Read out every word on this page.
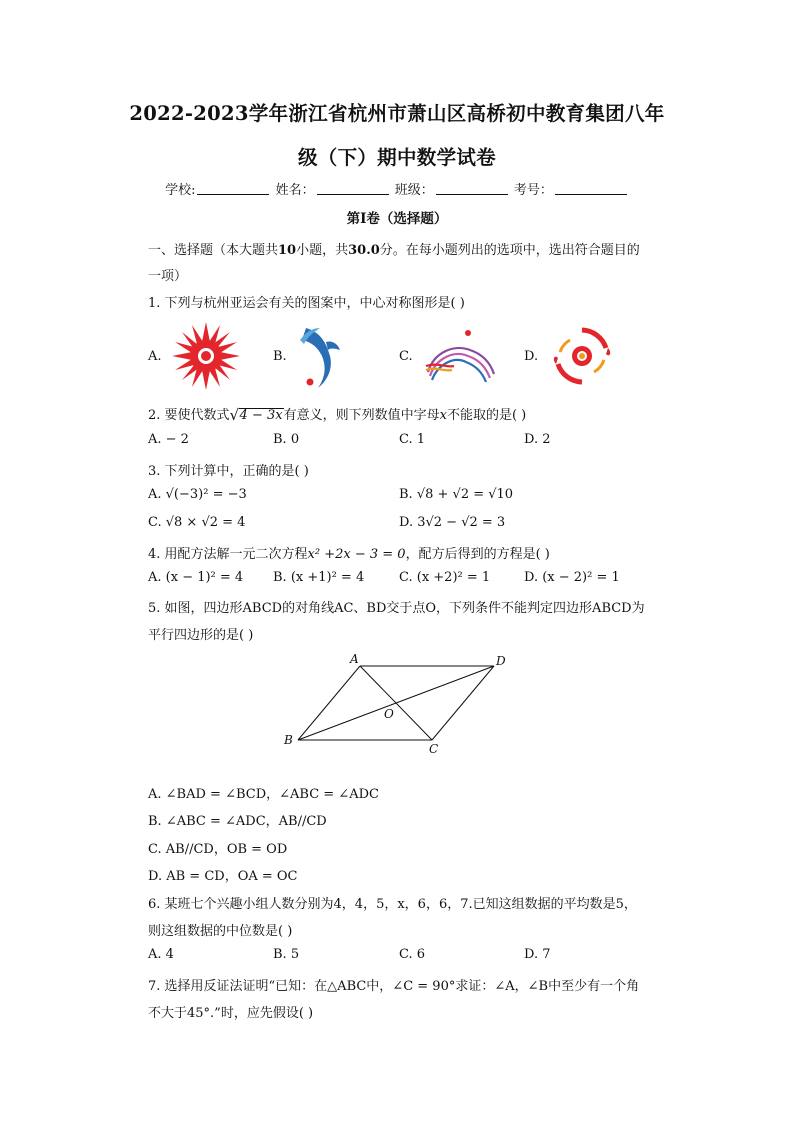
2022-2023学年浙江省杭州市萧山区高桥初中教育集团八年
级（下）期中数学试卷
学校:	姓名：	班级：	考号：
第I卷（选择题）
一、选择题（本大题共10小题，共30.0分。在每小题列出的选项中，选出符合题目的
一项）
1. 下列与杭州亚运会有关的图案中，中心对称图形是( )
A.	B.	C.	D.
2. 要使代数式 √ 4 − 3x有意义，则下列数值中字母x不能取的是( )
A. − 2	B. 0	C. 1	D. 2
3. 下列计算中，正确的是( )
A. √(−3)² = −3	B. √8 + √2 = √10
C. √8 × √2 = 4	D. 3√2 − √2 = 3
4. 用配方法解一元二次方程x² +2x − 3 = 0，配方后得到的方程是( )
A. (x − 1)² = 4 B. (x +1)² = 4	C. (x +2)² = 1	D. (x − 2)² = 1
5. 如图，四边形ABCD的对角线AC、BD交于点O，下列条件不能判定四边形ABCD为
平行四边形的是( )
A	D
B
C
O
A. ∠BAD = ∠BCD，∠ABC = ∠ADC
B. ∠ABC = ∠ADC，AB//CD
C. AB//CD，OB = OD
D. AB = CD，OA = OC
6. 某班七个兴趣小组人数分别为4，4，5，x，6，6，7.已知这组数据的平均数是5，
则这组数据的中位数是( )
A. 4	B. 5	C. 6	D. 7
7. 选择用反证法证明“已知：在△ABC中，∠C = 90°求证：∠A，∠B中至少有一个角
不大于45°.”时，应先假设( )
